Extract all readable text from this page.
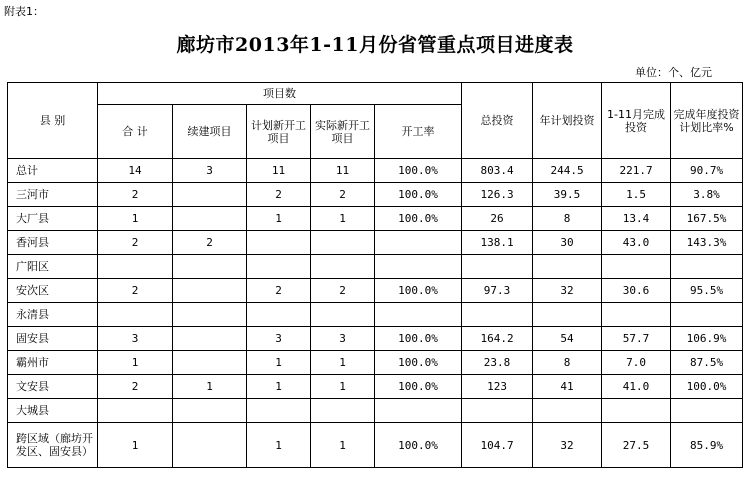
附表1：
廊坊市2013年1-11月份省管重点项目进度表
单位：个、亿元
县 别	项目数					总投资	年计划投资	1-11月完成投资	完成年度投资计划比率%
	合 计	续建项目	计划新开工项目	实际新开工项目	开工率				
总计	14	3	11	11	100.0%	803.4	244.5	221.7	90.7%
三河市	2		2	2	100.0%	126.3	39.5	1.5	3.8%
大厂县	1		1	1	100.0%	26	8	13.4	167.5%
香河县	2	2				138.1	30	43.0	143.3%
广阳区									
安次区	2		2	2	100.0%	97.3	32	30.6	95.5%
永清县									
固安县	3		3	3	100.0%	164.2	54	57.7	106.9%
霸州市	1		1	1	100.0%	23.8	8	7.0	87.5%
文安县	2	1	1	1	100.0%	123	41	41.0	100.0%
大城县									
跨区域（廊坊开发区、固安县）	1		1	1	100.0%	104.7	32	27.5	85.9%
